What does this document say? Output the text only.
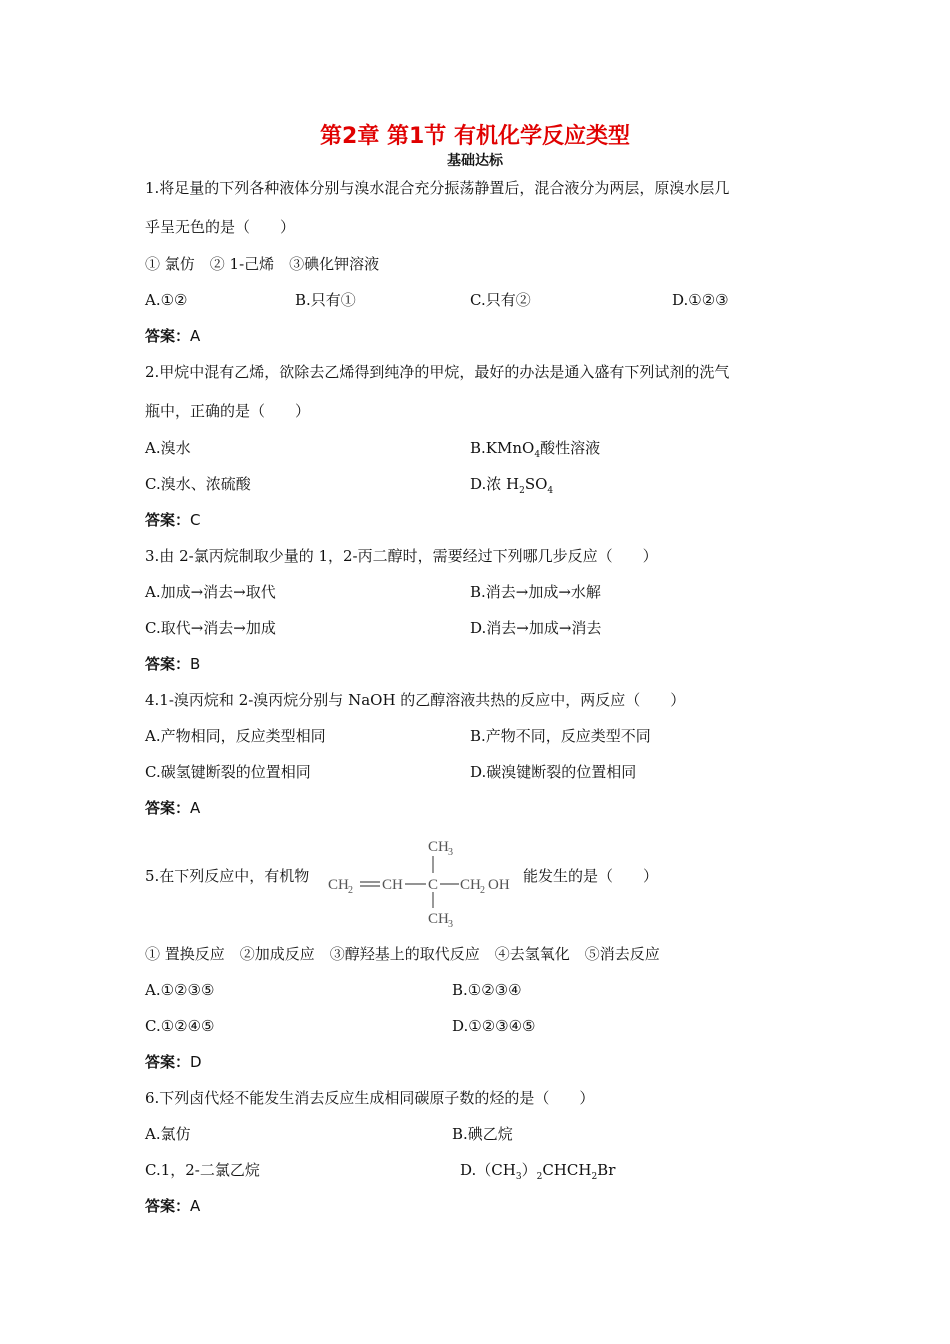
第2章 第1节 有机化学反应类型
基础达标
1.将足量的下列各种液体分别与溴水混合充分振荡静置后，混合液分为两层，原溴水层几
乎呈无色的是（　　）
① 氯仿　② 1-己烯　③碘化钾溶液
A.①②	B.只有①	C.只有②	D.①②③
答案：A
2.甲烷中混有乙烯，欲除去乙烯得到纯净的甲烷，最好的办法是通入盛有下列试剂的洗气
瓶中，正确的是（　　）
A.溴水	B.KMnO$_4$酸性溶液
C.溴水、浓硫酸	D.浓 $H_2SO_4$
答案：C
3.由 2-氯丙烷制取少量的 1，2-丙二醇时，需要经过下列哪几步反应（　　）
A.加成→消去→取代	B.消去→加成→水解
C.取代→消去→加成	D.消去→加成→消去
答案：B
4.1-溴丙烷和 2-溴丙烷分别与 NaOH 的乙醇溶液共热的反应中，两反应（　　）
A.产物相同，反应类型相同	B.产物不同，反应类型不同
C.碳氢键断裂的位置相同	D.碳溴键断裂的位置相同
答案：A
5.在下列反应中，有机物
CH 3
CH 2 CH C CH 2 OH
CH 3
能发生的是（　　）
① 置换反应　②加成反应　③醇羟基上的取代反应　④去氢氧化　⑤消去反应
A.①②③⑤	B.①②③④
C.①②④⑤	D.①②③④⑤
答案：D
6.下列卤代烃不能发生消去反应生成相同碳原子数的烃的是（　　）
A.氯仿	B.碘乙烷
C.1，2-二氯乙烷	$D.(CH_3)_2CHCH_2Br$
答案：A
